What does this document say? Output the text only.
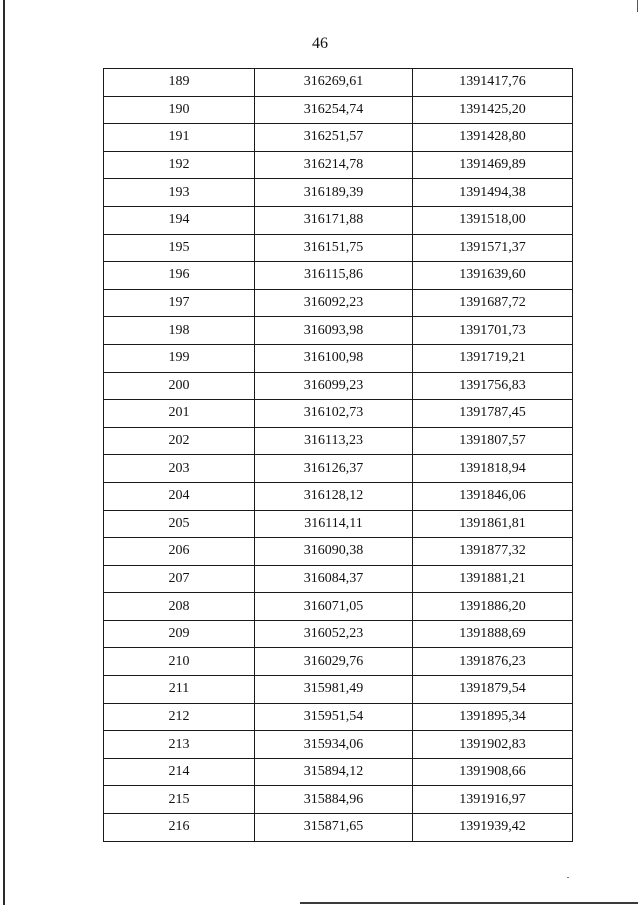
46
189	316269,61	1391417,76
190	316254,74	1391425,20
191	316251,57	1391428,80
192	316214,78	1391469,89
193	316189,39	1391494,38
194	316171,88	1391518,00
195	316151,75	1391571,37
196	316115,86	1391639,60
197	316092,23	1391687,72
198	316093,98	1391701,73
199	316100,98	1391719,21
200	316099,23	1391756,83
201	316102,73	1391787,45
202	316113,23	1391807,57
203	316126,37	1391818,94
204	316128,12	1391846,06
205	316114,11	1391861,81
206	316090,38	1391877,32
207	316084,37	1391881,21
208	316071,05	1391886,20
209	316052,23	1391888,69
210	316029,76	1391876,23
211	315981,49	1391879,54
212	315951,54	1391895,34
213	315934,06	1391902,83
214	315894,12	1391908,66
215	315884,96	1391916,97
216	315871,65	1391939,42
